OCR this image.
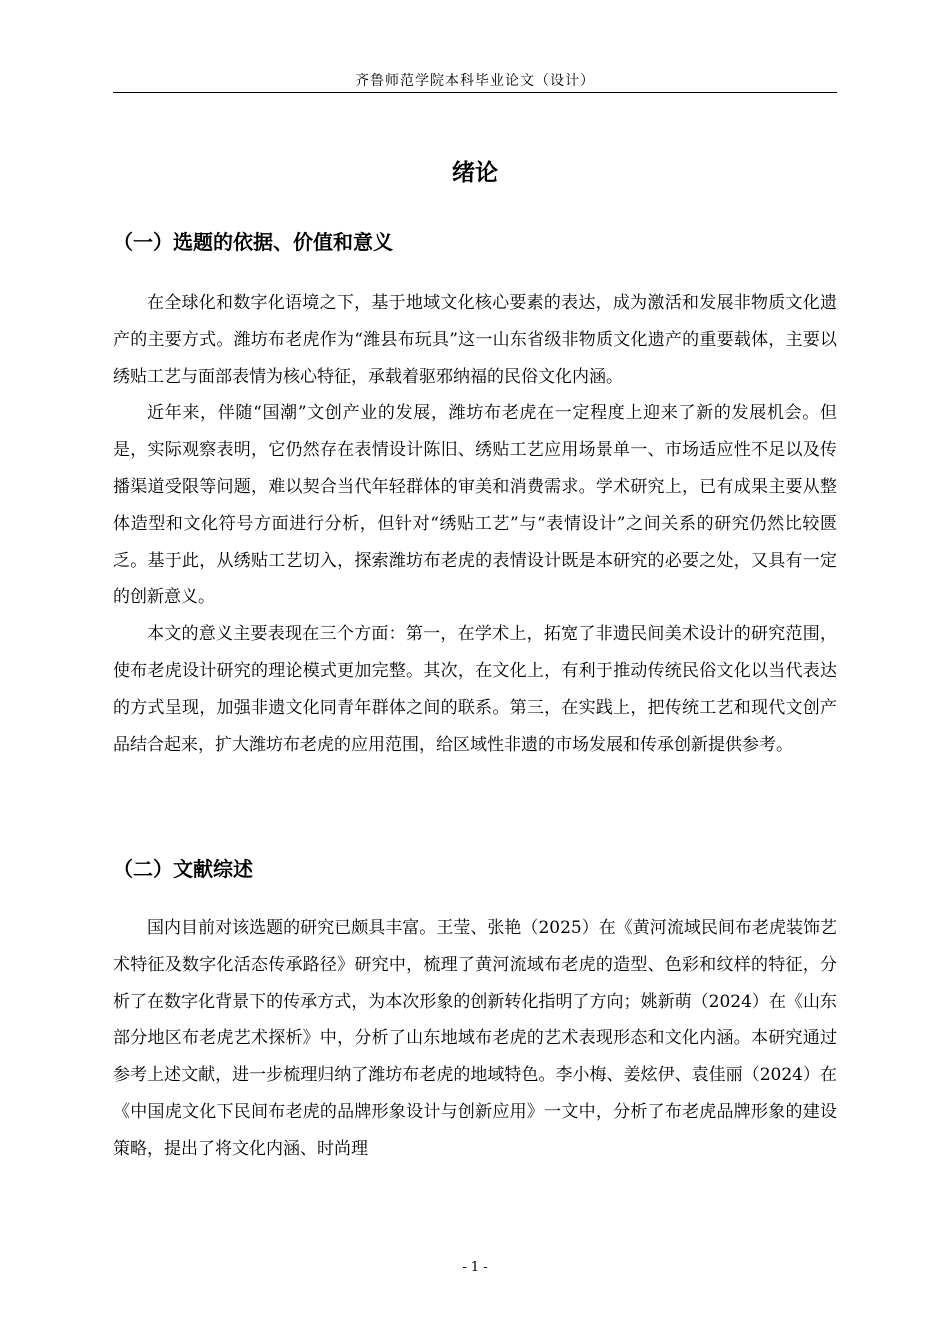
齐鲁师范学院本科毕业论文（设计）
绪论
（一）选题的依据、价值和意义

在全球化和数字化语境之下，基于地域文化核心要素的表达，成为激活和发展非物质文化遗产的主要方式。潍坊布老虎作为“潍县布玩具”这一山东省级非物质文化遗产的重要载体，主要以绣贴工艺与面部表情为核心特征，承载着驱邪纳福的民俗文化内涵。

近年来，伴随“国潮”文创产业的发展，潍坊布老虎在一定程度上迎来了新的发展机会。但是，实际观察表明，它仍然存在表情设计陈旧、绣贴工艺应用场景单一、市场适应性不足以及传播渠道受限等问题，难以契合当代年轻群体的审美和消费需求。学术研究上，已有成果主要从整体造型和文化符号方面进行分析，但针对“绣贴工艺”与“表情设计”之间关系的研究仍然比较匮乏。基于此，从绣贴工艺切入，探索潍坊布老虎的表情设计既是本研究的必要之处，又具有一定的创新意义。

本文的意义主要表现在三个方面：第一，在学术上，拓宽了非遗民间美术设计的研究范围，使布老虎设计研究的理论模式更加完整。其次，在文化上，有利于推动传统民俗文化以当代表达的方式呈现，加强非遗文化同青年群体之间的联系。第三，在实践上，把传统工艺和现代文创产品结合起来，扩大潍坊布老虎的应用范围，给区域性非遗的市场发展和传承创新提供参考。

（二）文献综述

国内目前对该选题的研究已颇具丰富。王莹、张艳（2025）在《黄河流域民间布老虎装饰艺术特征及数字化活态传承路径》研究中，梳理了黄河流域布老虎的造型、色彩和纹样的特征，分析了在数字化背景下的传承方式，为本次形象的创新转化指明了方向；姚新萌（2024）在《山东部分地区布老虎艺术探析》中，分析了山东地域布老虎的艺术表现形态和文化内涵。本研究通过参考上述文献，进一步梳理归纳了潍坊布老虎的地域特色。李小梅、姜炫伊、袁佳丽（2024）在《中国虎文化下民间布老虎的品牌形象设计与创新应用》一文中，分析了布老虎品牌形象的建设策略，提出了将文化内涵、时尚理

- 1 -
